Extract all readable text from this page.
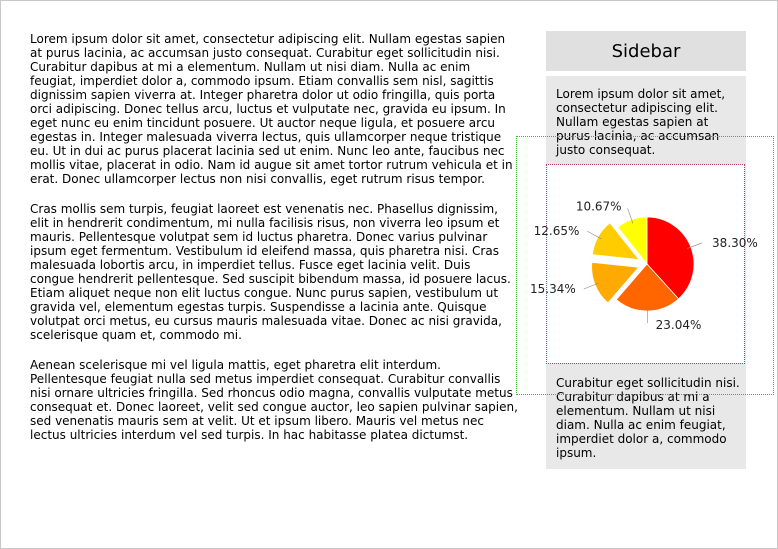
Lorem ipsum dolor sit amet, consectetur adipiscing elit. Nullam egestas sapien at purus lacinia, ac accumsan justo consequat. Curabitur eget sollicitudin nisi. Curabitur dapibus at mi a elementum. Nullam ut nisi diam. Nulla ac enim feugiat, imperdiet dolor a, commodo ipsum. Etiam convallis sem nisl, sagittis dignissim sapien viverra at. Integer pharetra dolor ut odio fringilla, quis porta orci adipiscing. Donec tellus arcu, luctus et vulputate nec, gravida eu ipsum. In eget nunc eu enim tincidunt posuere. Ut auctor neque ligula, et posuere arcu egestas in. Integer malesuada viverra lectus, quis ullamcorper neque tristique eu. Ut in dui ac purus placerat lacinia sed ut enim. Nunc leo ante, faucibus nec mollis vitae, placerat in odio. Nam id augue sit amet tortor rutrum vehicula et in erat. Donec ullamcorper lectus non nisi convallis, eget rutrum risus tempor.

Cras mollis sem turpis, feugiat laoreet est venenatis nec. Phasellus dignissim, elit in hendrerit condimentum, mi nulla facilisis risus, non viverra leo ipsum et mauris. Pellentesque volutpat sem id luctus pharetra. Donec varius pulvinar ipsum eget fermentum. Vestibulum id eleifend massa, quis pharetra nisi. Cras malesuada lobortis arcu, in imperdiet tellus. Fusce eget lacinia velit. Duis congue hendrerit pellentesque. Sed suscipit bibendum massa, id posuere lacus. Etiam aliquet neque non elit luctus congue. Nunc purus sapien, vestibulum ut gravida vel, elementum egestas turpis. Suspendisse a lacinia ante. Quisque volutpat orci metus, eu cursus mauris malesuada vitae. Donec ac nisi gravida, scelerisque quam et, commodo mi.

Aenean scelerisque mi vel ligula mattis, eget pharetra elit interdum. Pellentesque feugiat nulla sed metus imperdiet consequat. Curabitur convallis nisi ornare ultricies fringilla. Sed rhoncus odio magna, convallis vulputate metus consequat et. Donec laoreet, velit sed congue auctor, leo sapien pulvinar sapien, sed venenatis mauris sem at velit. Ut et ipsum libero. Mauris vel metus nec lectus ultricies interdum vel sed turpis. In hac habitasse platea dictumst.

Sidebar
Lorem ipsum dolor sit amet, consectetur adipiscing elit. Nullam egestas sapien at purus lacinia, ac accumsan justo consequat.
Curabitur eget sollicitudin nisi. Curabitur dapibus at mi a elementum. Nullam ut nisi diam. Nulla ac enim feugiat, imperdiet dolor a, commodo ipsum.
38.30%
23.04%
15.34%
12.65%
10.67%
